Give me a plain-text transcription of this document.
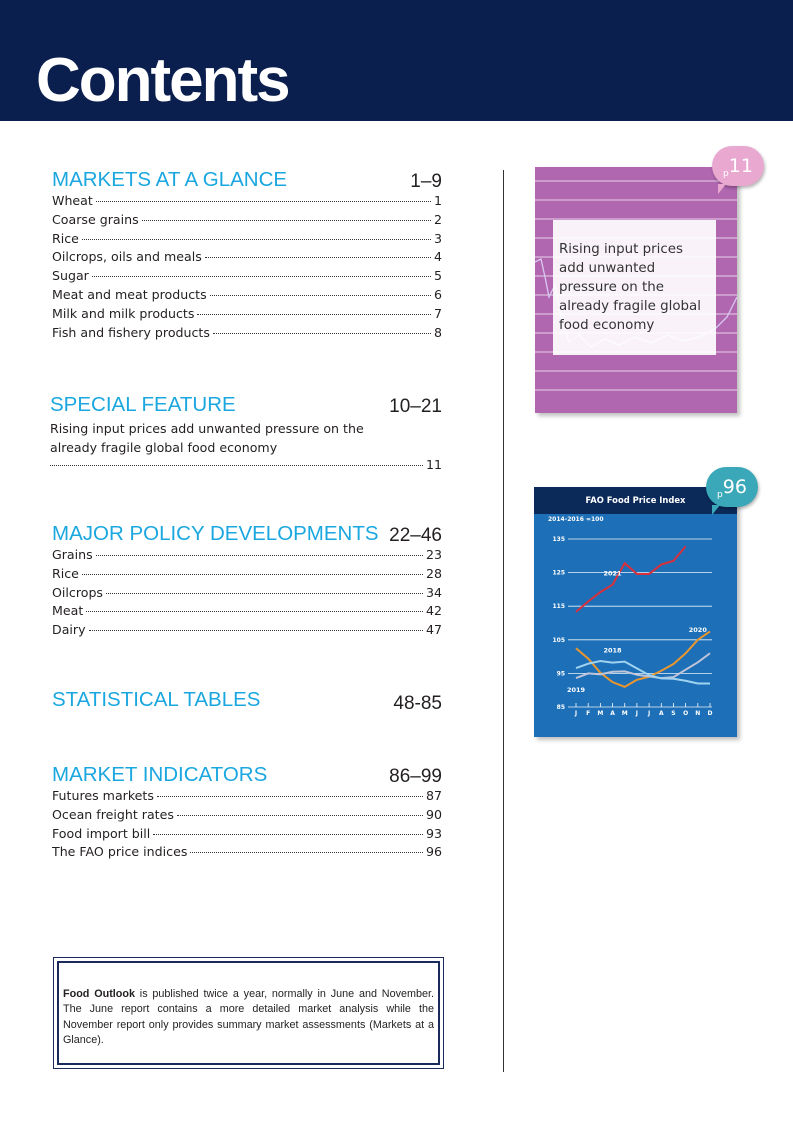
Contents
MARKETS AT A GLANCE	1–9
Wheat	1
Coarse grains	2
Rice	3
Oilcrops, oils and meals	4
Sugar	5
Meat and meat products	6
Milk and milk products	7
Fish and fishery products	8
SPECIAL FEATURE	10–21
Rising input prices add unwanted pressure on the already fragile global food economy
11
MAJOR POLICY DEVELOPMENTS 22–46
Grains	23
Rice	28
Oilcrops	34
Meat	42
Dairy	47
STATISTICAL TABLES	48-85
MARKET INDICATORS	86–99
Futures markets	87
Ocean freight rates	90
Food import bill	93
The FAO price indices	96
Food Outlook is published twice a year, normally in June and November. The June report contains a more detailed market analysis while the November report only provides summary market assessments (Markets at a Glance).
Rising input prices add unwanted pressure on the already fragile global food economy
$_p$11
2014-2016 =100
85
95
105
115
125
135
J F M A M J J A S O N D
2021
2020
2019
2018
FAO Food Price Index	$_p$96
